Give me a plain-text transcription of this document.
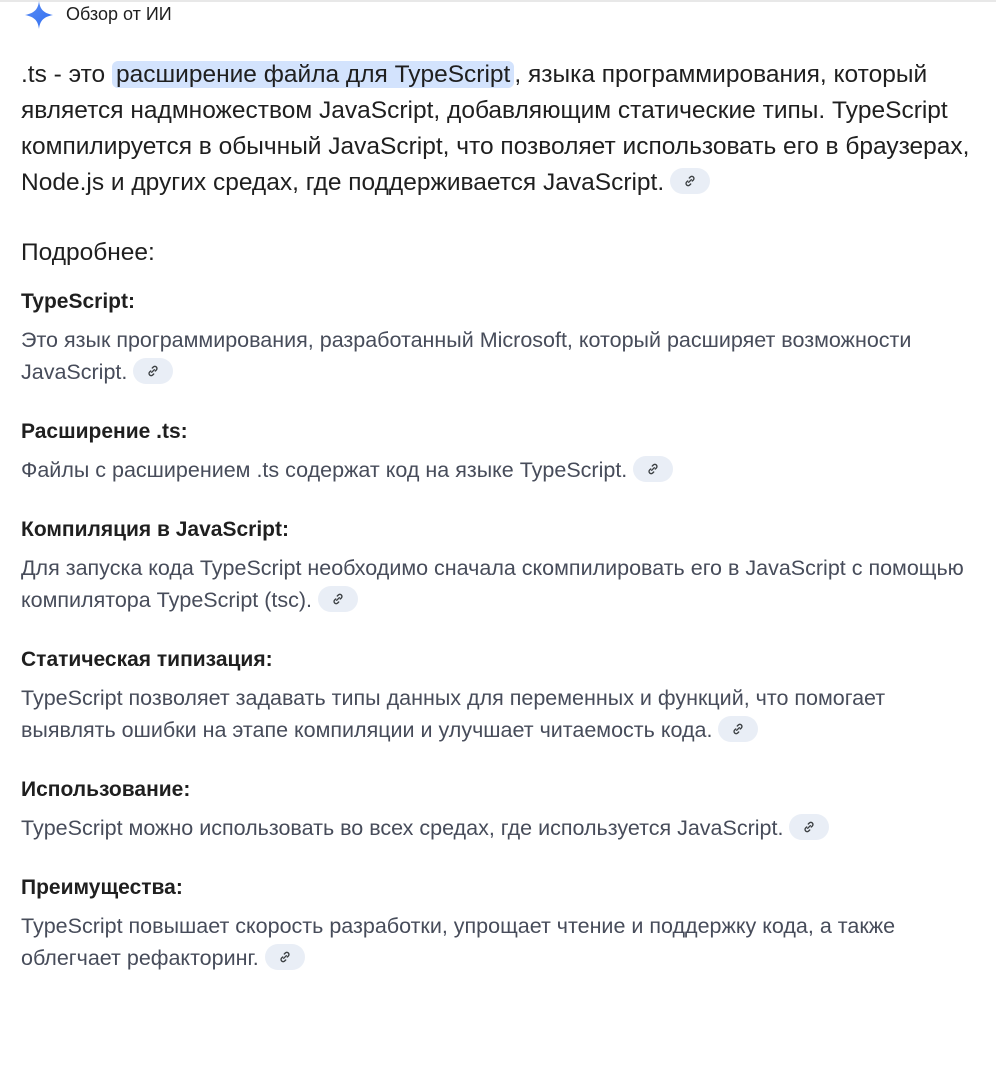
Обзор от ИИ

.ts - это расширение файла для TypeScript , языка программирования, который является надмножеством JavaScript, добавляющим статические типы. TypeScript компилируется в обычный JavaScript, что позволяет использовать его в браузерах, Node.js и других средах, где поддерживается JavaScript.

Подробнее:
TypeScript:

Это язык программирования, разработанный Microsoft, который расширяет возможности JavaScript.

Расширение .ts:

Файлы с расширением .ts содержат код на языке TypeScript.

Компиляция в JavaScript:

Для запуска кода TypeScript необходимо сначала скомпилировать его в JavaScript с помощью компилятора TypeScript (tsc).

Статическая типизация:

TypeScript позволяет задавать типы данных для переменных и функций, что помогает выявлять ошибки на этапе компиляции и улучшает читаемость кода.

Использование:

TypeScript можно использовать во всех средах, где используется JavaScript.

Преимущества:

TypeScript повышает скорость разработки, упрощает чтение и поддержку кода, а также облегчает рефакторинг.
